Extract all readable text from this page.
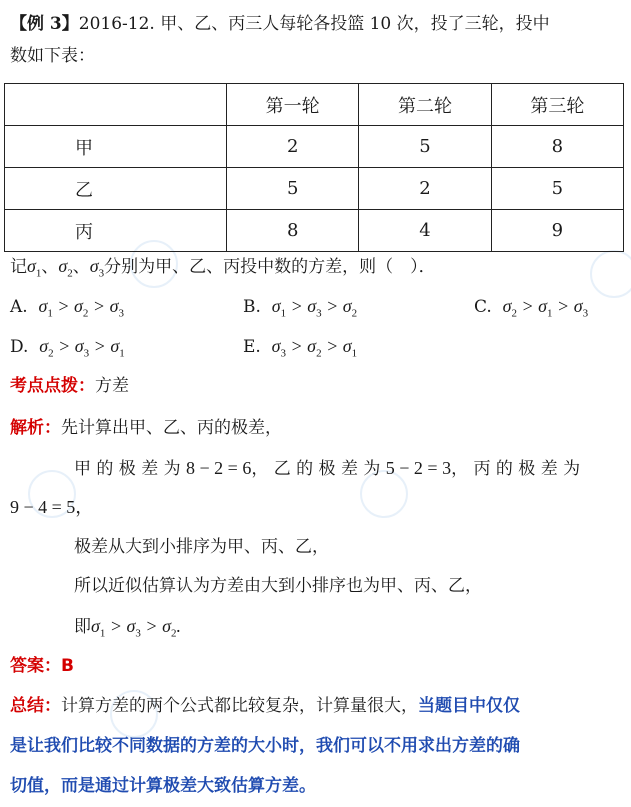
【例 3】2016-12. 甲、乙、丙三人每轮各投篮 10 次，投了三轮，投中
数如下表：
	第一轮	第二轮	第三轮
甲	2	5	8
乙	5	2	5
丙	8	4	9
记$\sigma_1$、$\sigma_2$、$\sigma_3$分别为甲、乙、丙投中数的方差，则（　）．
A. $\sigma_1 > \sigma_2 > \sigma_3$	B. $\sigma_1 > \sigma_3 > \sigma_2$	C. $\sigma_2 > \sigma_1 > \sigma_3$
D. $\sigma_2 > \sigma_3 > \sigma_1$	E. $\sigma_3 > \sigma_2 > \sigma_1$
考点点拨：方差
解析：先计算出甲、乙、丙的极差，
甲 的 极 差 为 8 − 2 = 6， 乙 的 极 差 为 5 − 2 = 3， 丙 的 极 差 为
9 − 4 = 5，
极差从大到小排序为甲、丙、乙，
所以近似估算认为方差由大到小排序也为甲、丙、乙，
即$\sigma_1 > \sigma_3 > \sigma_2$.
答案：B
总结：计算方差的两个公式都比较复杂，计算量很大，当题目中仅仅
是让我们比较不同数据的方差的大小时，我们可以不用求出方差的确
切值，而是通过计算极差大致估算方差。
